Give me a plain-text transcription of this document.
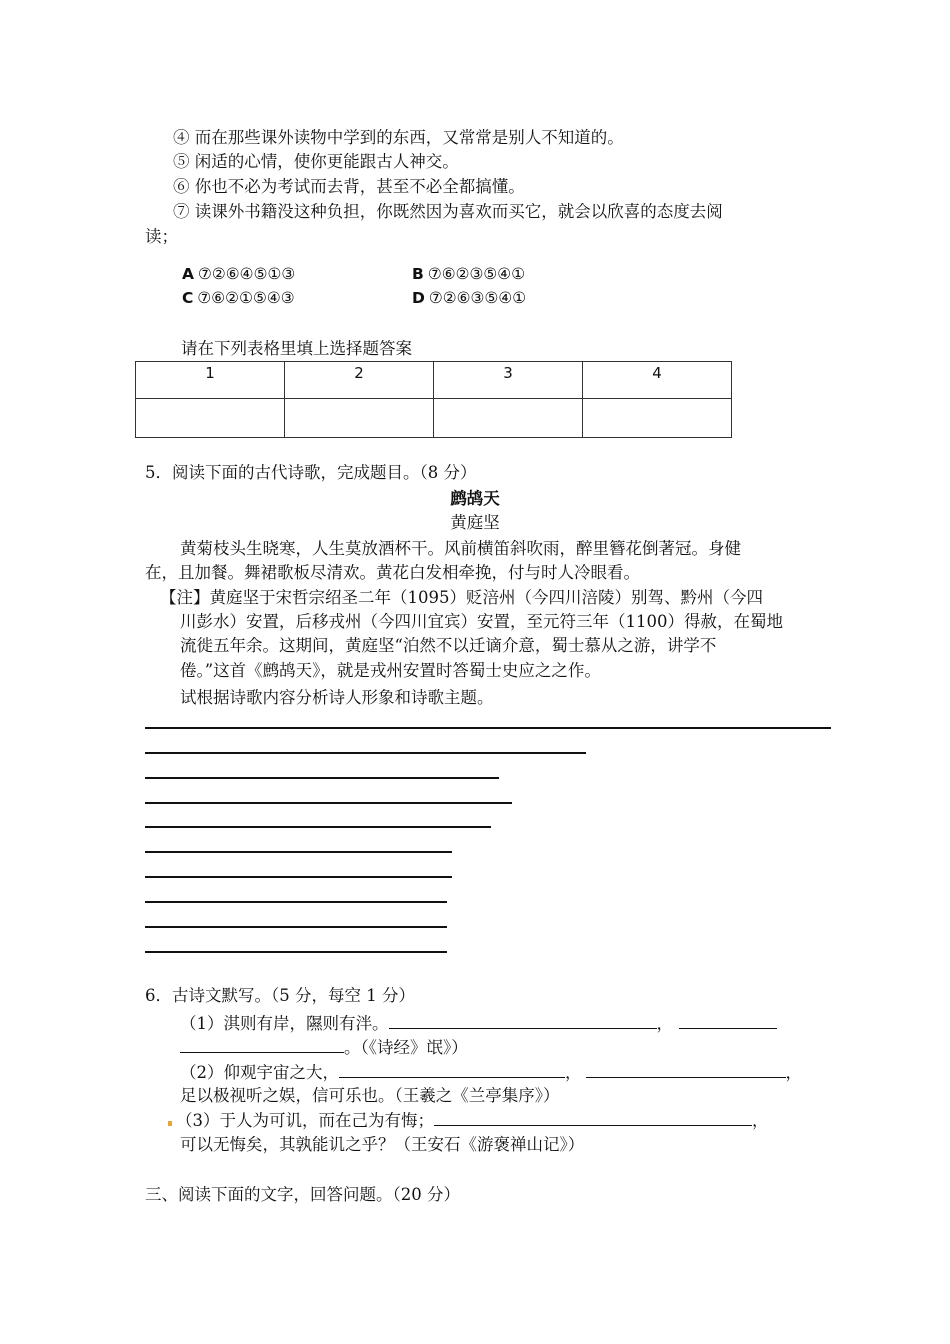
④ 而在那些课外读物中学到的东西，又常常是别人不知道的。
⑤ 闲适的心情，使你更能跟古人神交。
⑥ 你也不必为考试而去背，甚至不必全都搞懂。
⑦ 读课外书籍没这种负担，你既然因为喜欢而买它，就会以欣喜的态度去阅
读；
A ⑦②⑥④⑤①③	B ⑦⑥②③⑤④①
C ⑦⑥②①⑤④③	D ⑦②⑥③⑤④①
请在下列表格里填上选择题答案
1	2	3	4

5．阅读下面的古代诗歌，完成题目。（8 分）
鹧鸪天
黄庭坚
黄菊枝头生晓寒，人生莫放酒杯干。风前横笛斜吹雨，醉里簪花倒著冠。身健
在，且加餐。舞裙歌板尽清欢。黄花白发相牵挽，付与时人冷眼看。
【注】黄庭坚于宋哲宗绍圣二年（1095）贬涪州（今四川涪陵）别驾、黔州（今四
川彭水）安置，后移戎州（今四川宜宾）安置，至元符三年（1100）得赦，在蜀地
流徙五年余。这期间，黄庭坚“泊然不以迁谪介意，蜀士慕从之游，讲学不
倦。”这首《鹧鸪天》，就是戎州安置时答蜀士史应之之作。
试根据诗歌内容分析诗人形象和诗歌主题。
6．古诗文默写。（5 分，每空 1 分）
（1）淇则有岸，隰则有泮。	，
。（《诗经》氓》）
（2）仰观宇宙之大，	，	，
足以极视听之娱，信可乐也。（王羲之《兰亭集序》）
（3）于人为可讥，而在己为有悔；	，
可以无悔矣，其孰能讥之乎？（王安石《游褒禅山记》）
三、阅读下面的文字，回答问题。（20 分）
